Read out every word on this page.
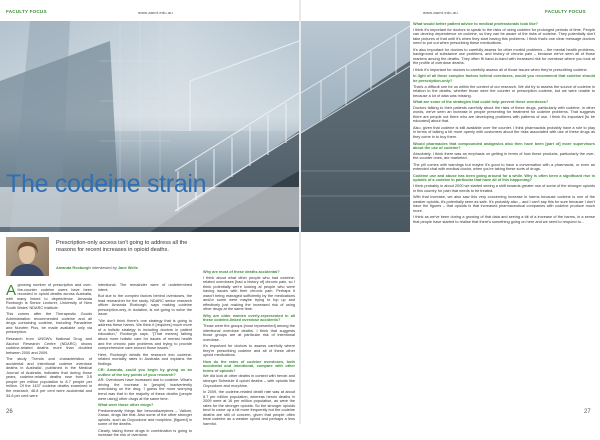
FACULTY FOCUS	www.aamt.edu.au	www.aamt.edu.au	FACULTY FOCUS
The codeine strain
Prescription-only access isn't going to address all the reasons for recent increases in opioid deaths.
Amanda Roxburgh interviewed by Jane Wells

A growing number of prescription and over-the-counter codeine users have been recorded in opioid deaths across Australia, with many linked to dependence. Amanda Roxburgh is Senior Lecturer, University of New South Wales' NDARC Institute.

This comes after the Therapeutic Goods Administration recommended codeine and all drugs containing codeine, including Panadeine and Nurofen Plus, be made available only via prescription.

Research from UNSW's National Drug and Alcohol Research Centre (NDARC) shows codeine-related deaths more than doubled between 2000 and 2009.

The study 'Trends and characteristics of accidental and intentional codeine overdose deaths in Australia', published in the Medical Journal of Australia, indicates that during those years, codeine-related deaths rose from 3.5 people per million population to 8.7 people per million. Of the 1437 codeine deaths examined in the research, 48.8 per cent were accidental and 34.6 per cent were

intentional. The remainder were of undetermined intent.

But due to the complex factors behind overdoses, the lead researcher for the study, NDARC senior research officer Amanda Roxburgh, says making codeine prescription-only, in isolation, is not going to solve the issue.

"We don't think there's one strategy that is going to address these harms. We think it [requires] much more of a holistic strategy in including doctors in patient education," Roxburgh says. "[That means] talking about more holistic care for issues of mental health and the chronic pain problems and trying to provide comprehensive care around those issues."

Here, Roxburgh details the research into codeine-related mortality rates in Australia and explains the findings.

CR: Amanda, could you begin by giving us an outline of the key points of your research?

AR: Overdoses have increased due to codeine. What's driving the increase in [people] inadvertently overdosing on the drug. I guess the more worrying trend was that in the majority of these deaths [people were using] other drugs at the same time.

What were those other drugs?

Predominantly things like benzodiazepines – Valium, Xanax, drugs like that. Also some of the other stronger opioids, such as Oxycodone and morphine, [figured] in some of the deaths.

Clearly, taking these drugs in combination is going to increase the risk of overdose.

Why are most of these deaths accidental?

I think about what other people who had codeine-related overdoses [had a history of] chronic pain, so I think potentially we're looking at people who were having issues with their chronic pain. Perhaps it wasn't being managed sufficiently by the medications and/or some were maybe trying to top up and effectively just making the increased risk of using other drugs at the same time.

Why are older women overly-represented in all these codeine-linked overdose accidents?

Those were the groups [most represented] among the intentional overdose deaths. I think that suggests those groups are at particular risk of intentional overdose.

It's important for doctors to assess carefully where they're prescribing codeine and all of these other opioid medications.

How do the rates of codeine overdoses, both accidental and intentional, compare with other forms of opioids?

We did look at other deaths in context with heroin and stronger Schedule 8 opioid deaths – with opioids like Oxycodone and morphine.

In 2009, the codeine-related death rate was at about 8.7 per million population, whereas heroin deaths in 2009 were at 16 per million population, as were the rates for the stronger opioids. So the stronger opioids tend to come up a bit more frequently but the codeine deaths are still of concern, given that people often treat codeine as a weaker opioid and perhaps a less harmful.

What would better patient advice to medical professionals look like?

I think it's important for doctors to speak to the risks of using codeine for prolonged periods of time. People can develop dependence on codeine, so they can be aware of the risks of codeine. They potentially don't take pictures of that until it's when they start having this problems. I think that's one clear message doctors need to put out when prescribing these medications.

It's also important for doctors to carefully assess for other morbid problems – the mental health problems, background of substance use problems, and history of chronic pain – because we've seen all of those markers among the deaths. They often fit hand-in-hand with increased risk for overdose where you look at the profile of overdose deaths.

I think it's important for doctors to carefully assess all of those issues when they're prescribing codeine.

In light of all these complex factors behind overdoses, would you recommend that codeine should be prescription-only?

That's a difficult one for us within the context of our research. We did try to assess the source of codeine in relation to the deaths, whether those were the counter or prescription codeine, but we were unable to because a lot of data was missing.

What are some of the strategies that could help prevent these overdoses?

Doctors talking to their patients carefully about the risks of these drugs, particularly with codeine, in other words, we've seen an increase in people presenting for treatment for codeine problems. That suggests there are people out there who are developing problems with patterns of use. I think it's important [to be educated] about that.

Also, given that codeine is still available over the counter, I think pharmacists probably have a role to play in terms of talking a bit more openly with customers about the risks associated with use of these drugs as they come in to buy them.

Would pharmacies that compounded analgesics also then have been [part of] more supervisors about the use of codeine?

Absolutely. I think there was an emphasis on getting in terms of how these products, particularly the over-the-counter ones, are marketed.

The pill comes with warnings but maybe it's good to have a conversation with a pharmacist, or even an extended chat with medical doctor, when you're taking these sorts of drugs.

Codeine use and abuse has been going around for a while. Why is often been a significant rise in opioids of a codeine in particular that have all of this happening?

I think probably in about 2000 we started seeing a shift towards greater use of some of the stronger opioids in this country for pain that needs to be treated.

With that increase, we also saw this very concerning increase in harms because codeine is one of the weaker opioids, it's potentially seen as safe. It's probably also – and I can't say this for sure because I don't have the figures – that opioids is that increased pharmaceutical companies with codeine produce much more.

I think as we've been during a growing of that data and seeing a bit of a increase of the harms, in a sense that people have started to realise that there's something going on here and we need to respond to...

26	27
